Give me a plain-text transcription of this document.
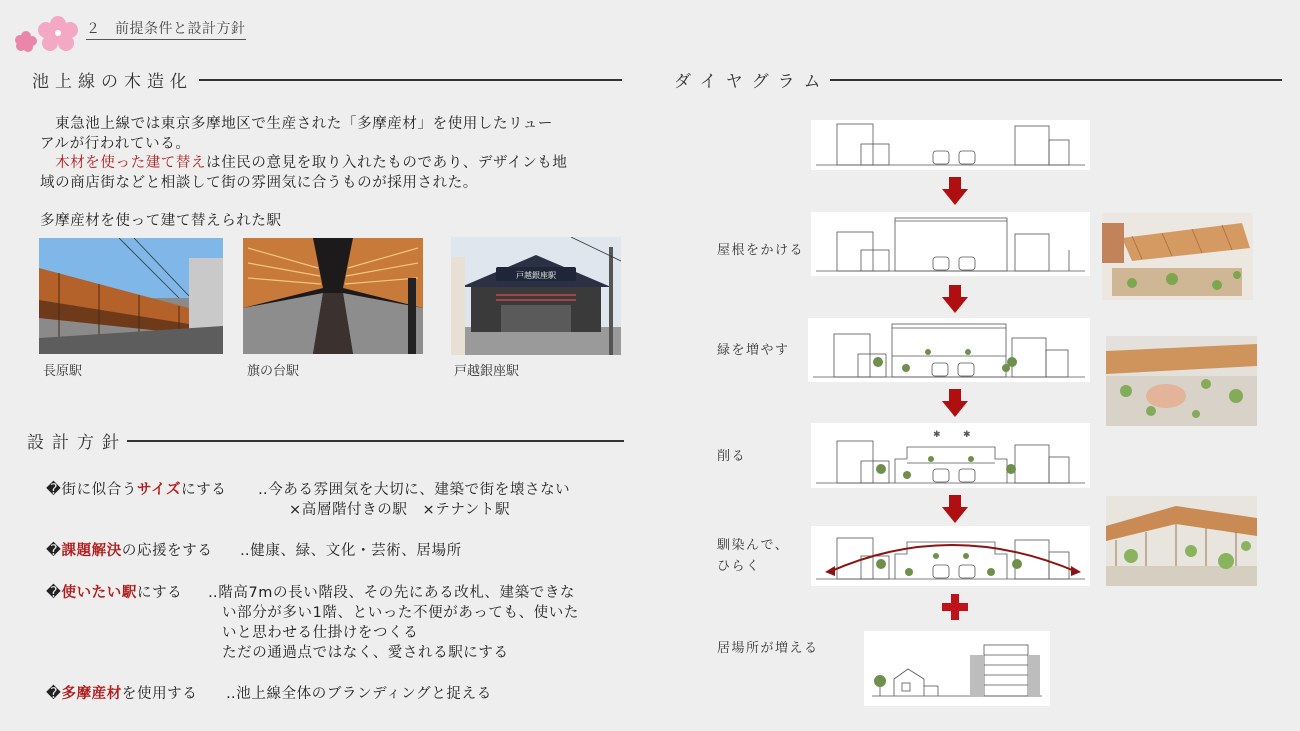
２　前提条件と設計方針
池上線の木造化
　東急池上線では東京多摩地区で生産された「多摩産材」を使用したリュー
アルが行われている。
　木材を使った建て替えは住民の意見を取り入れたものであり、デザインも地
域の商店街などと相談して街の雰囲気に合うものが採用された。
多摩産材を使って建て替えられた駅
戸越銀座駅
長原駅	旗の台駅	戸越銀座駅
設計方針
�街に似合うサイズにする ‥今ある雰囲気を大切に、建築で街を壊さない
×高層階付きの駅　×テナント駅
�課題解決の応援をする ‥健康、緑、文化・芸術、居場所
�使いたい駅にする ‥階高7mの長い階段、その先にある改札、建築できな
い部分が多い1階、といった不便があっても、使いた
いと思わせる仕掛けをつくる
ただの通過点ではなく、愛される駅にする
�多摩産材を使用する ‥池上線全体のブランディングと捉える
ダイヤグラム
屋根をかける
緑を増やす
削る
✱ ✱
馴染んで、
ひらく
居場所が増える
